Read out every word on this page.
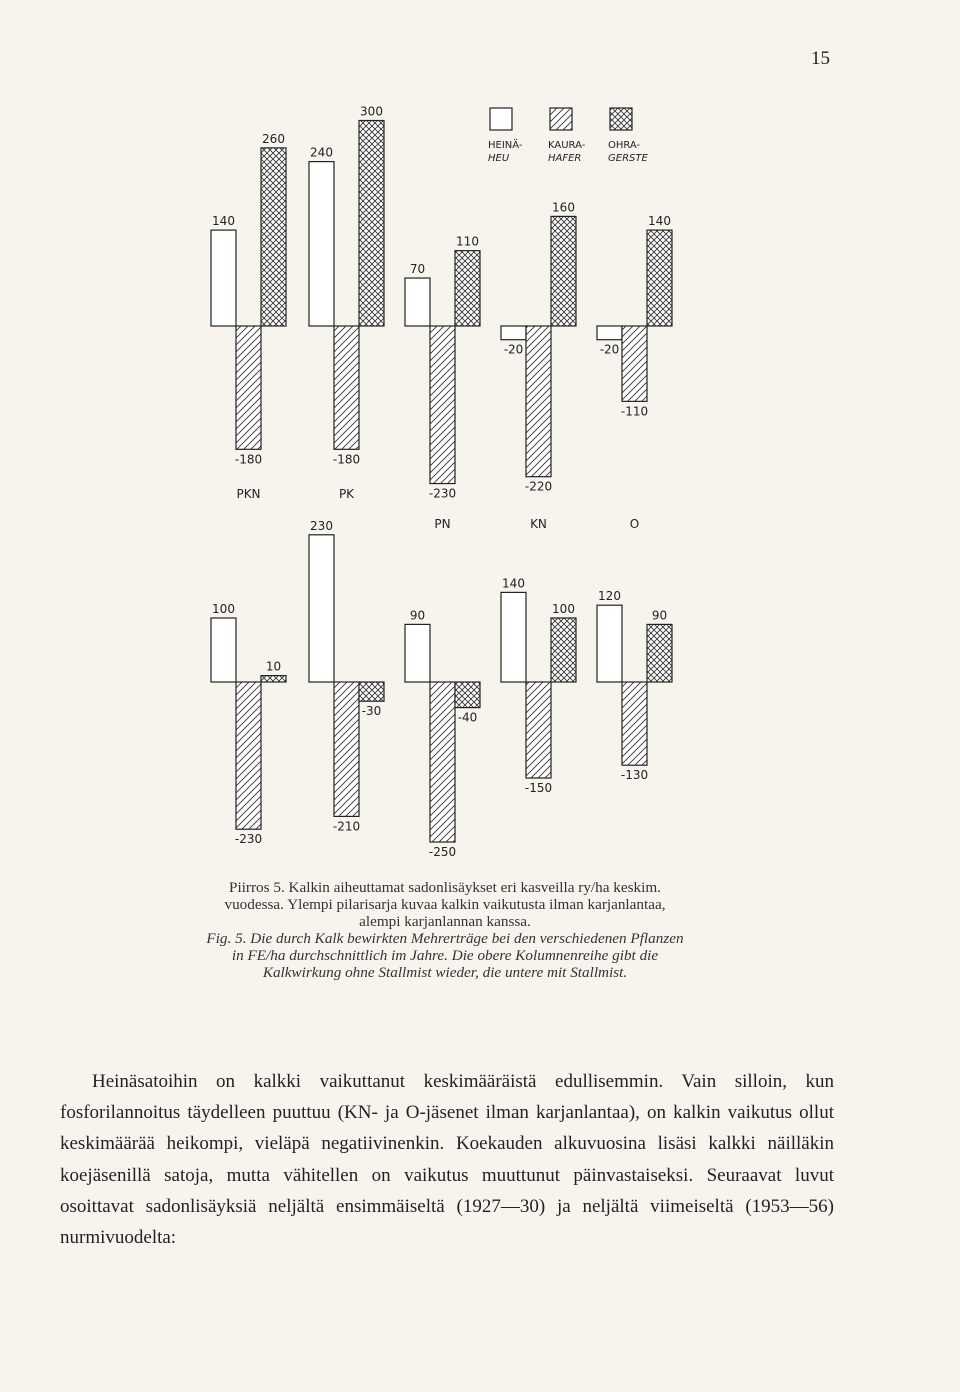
15
HEINÄ-
HEU
KAURA-
HAFER
OHRA-
GERSTE
140
-180
260
PKN
240
-180
300
PK
70
-230
110
PN
-20
-220
160
KN
-20
-110
140
O
100
-230
10
230
-210
-30
90
-250
-40
140
-150
100
120
-130
90
Piirros 5. Kalkin aiheuttamat sadonlisäykset eri kasveilla ry/ha keskim. vuodessa. Ylempi pilarisarja kuvaa kalkin vaikutusta ilman karjanlantaa, alempi karjanlannan kanssa.
Fig. 5. Die durch Kalk bewirkten Mehrerträge bei den verschiedenen Pflanzen in FE/ha durchschnittlich im Jahre. Die obere Kolumnenreihe gibt die Kalkwirkung ohne Stallmist wieder, die untere mit Stallmist.

Heinäsatoihin on kalkki vaikuttanut keskimääräistä edullisemmin. Vain silloin, kun fosforilannoitus täydelleen puuttuu (KN- ja O-jäsenet ilman karjanlantaa), on kalkin vaikutus ollut keskimäärää heikompi, vieläpä negatiivinenkin. Koekauden alkuvuosina lisäsi kalkki näilläkin koejäsenillä satoja, mutta vähitellen on vaikutus muuttunut päinvastaiseksi. Seuraavat luvut osoittavat sadonlisäyksiä neljältä ensimmäiseltä (1927—30) ja neljältä viimeiseltä (1953—56) nurmivuodelta:
